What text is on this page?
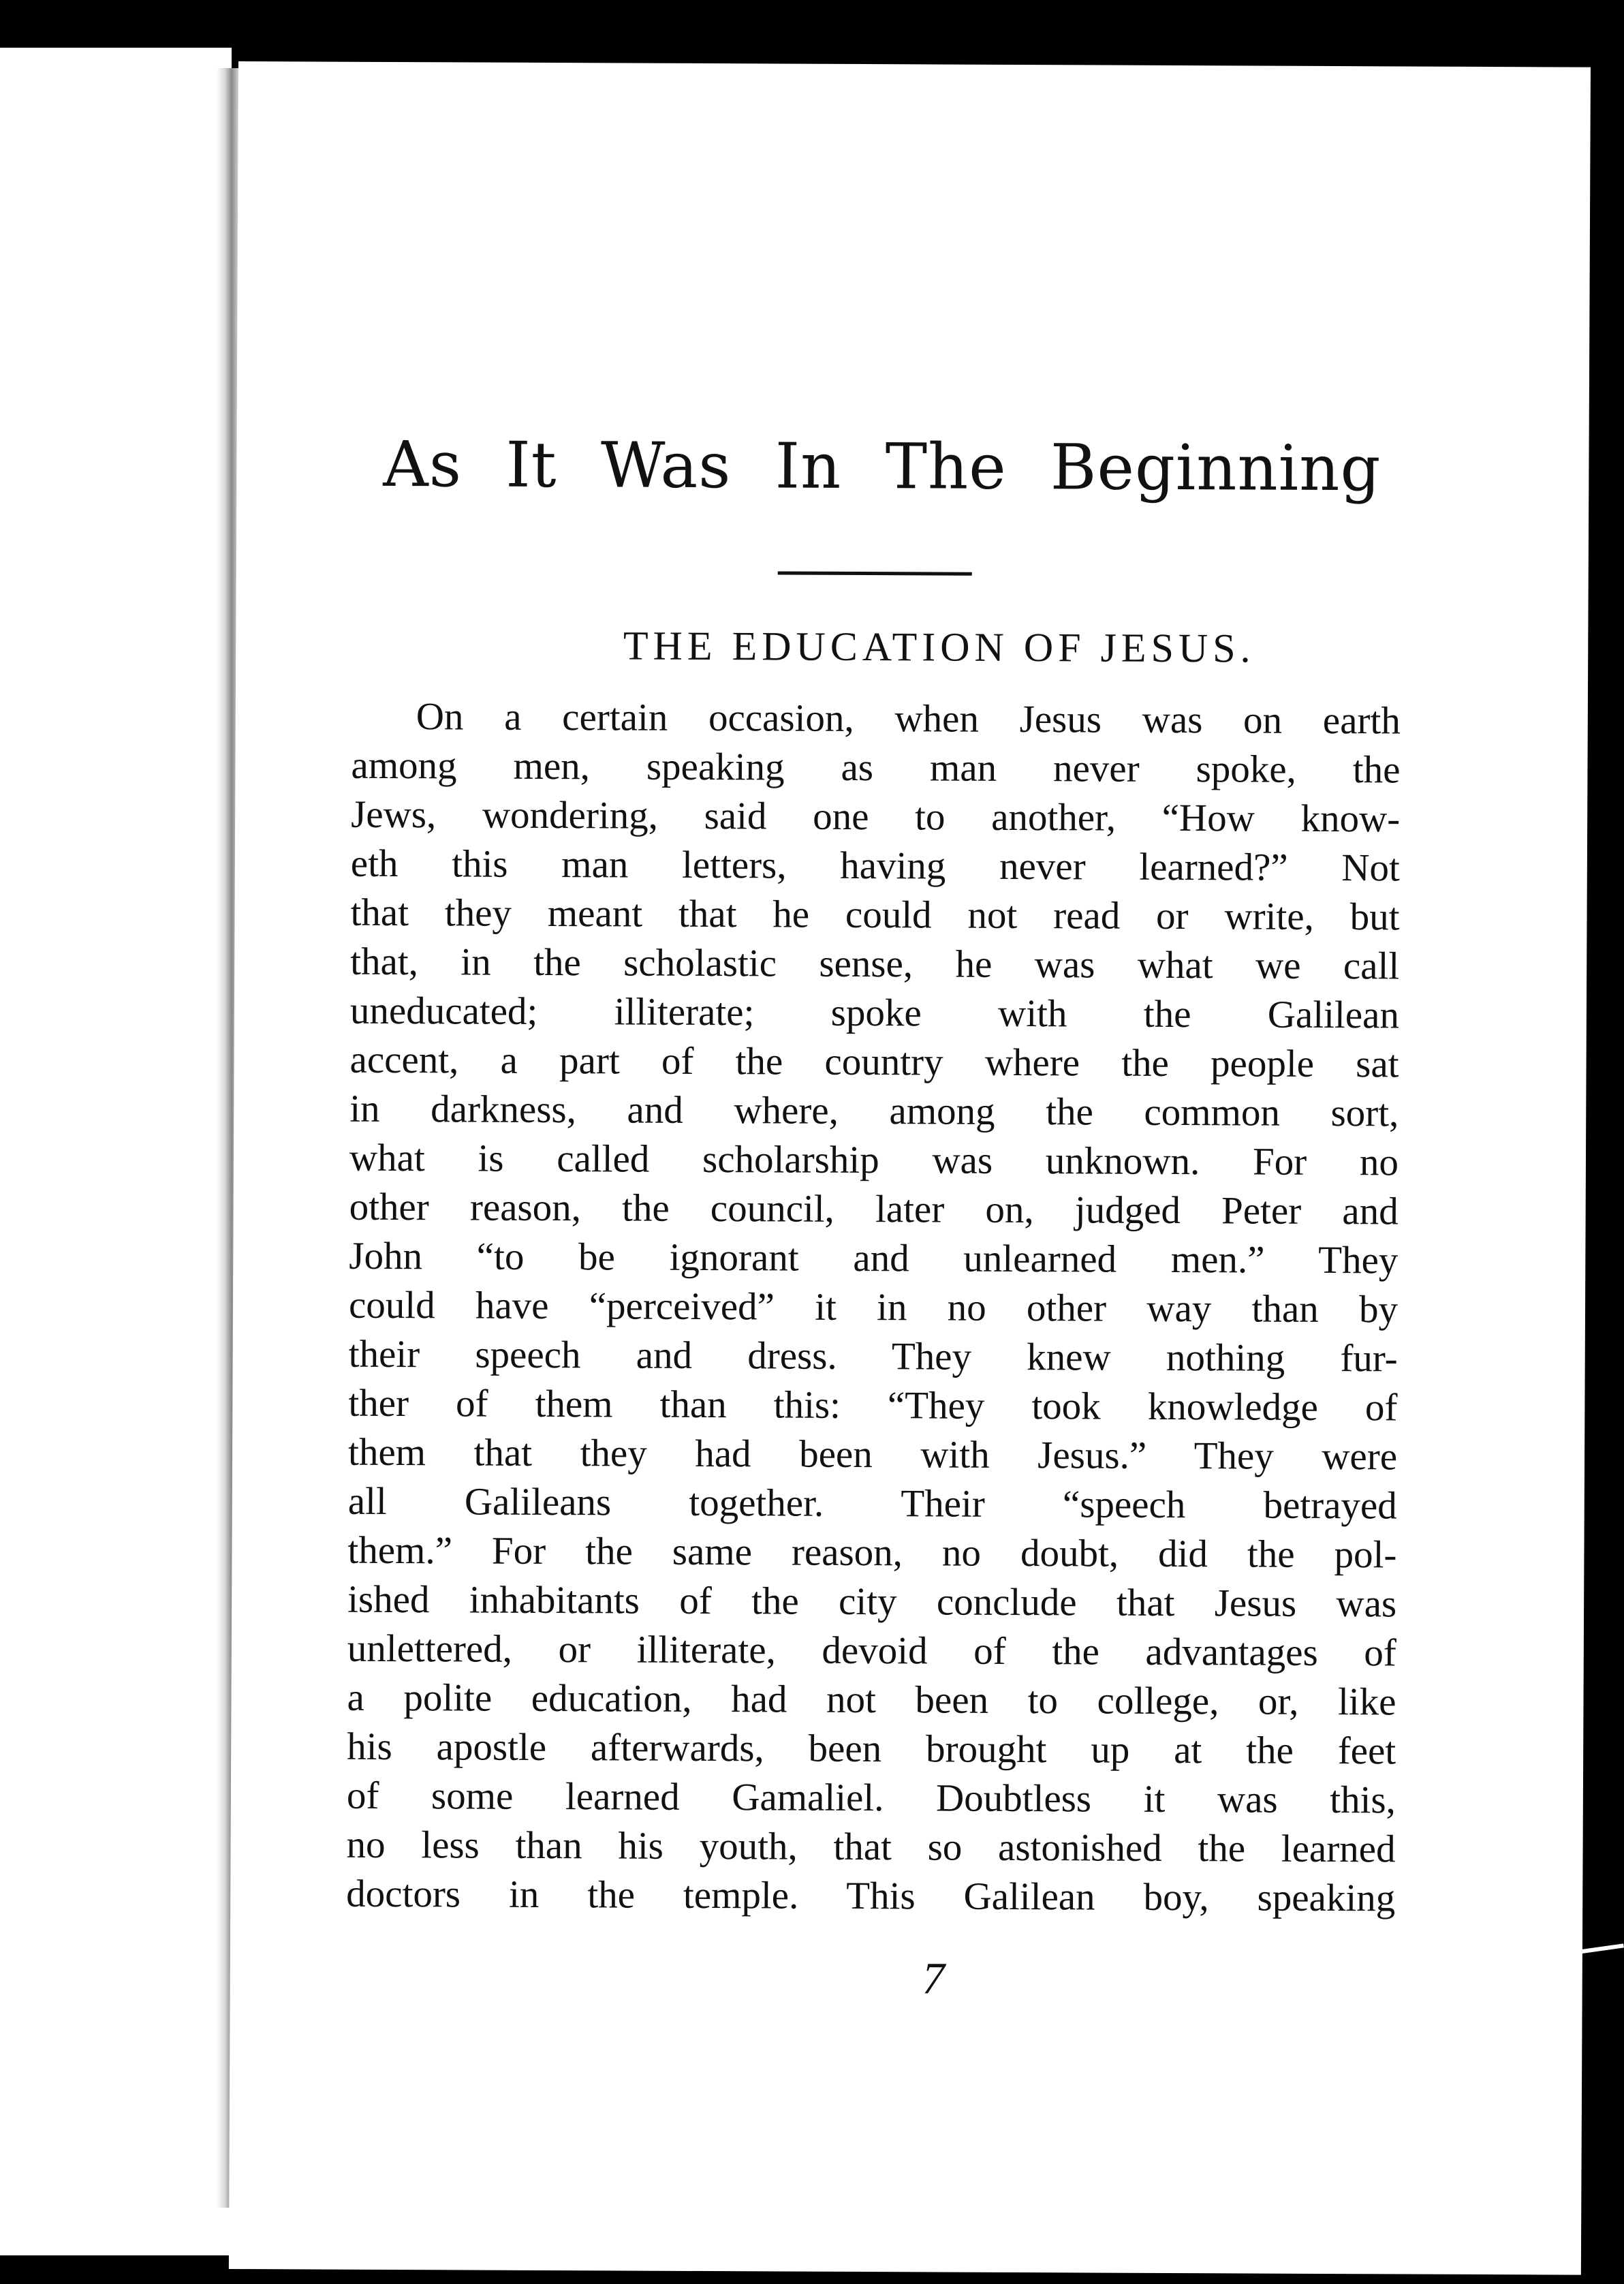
As It Was In The Beginning
THE EDUCATION OF JESUS.
On a certain occasion, when Jesus was on earth
among men, speaking as man never spoke, the
Jews, wondering, said one to another, “How know-
eth this man letters, having never learned?” Not
that they meant that he could not read or write, but
that, in the scholastic sense, he was what we call
uneducated; illiterate; spoke with the Galilean
accent, a part of the country where the people sat
in darkness, and where, among the common sort,
what is called scholarship was unknown. For no
other reason, the council, later on, judged Peter and
John “to be ignorant and unlearned men.” They
could have “perceived” it in no other way than by
their speech and dress. They knew nothing fur-
ther of them than this: “They took knowledge of
them that they had been with Jesus.” They were
all Galileans together. Their “speech betrayed
them.” For the same reason, no doubt, did the pol-
ished inhabitants of the city conclude that Jesus was
unlettered, or illiterate, devoid of the advantages of
a polite education, had not been to college, or, like
his apostle afterwards, been brought up at the feet
of some learned Gamaliel. Doubtless it was this,
no less than his youth, that so astonished the learned
doctors in the temple. This Galilean boy, speaking
7
